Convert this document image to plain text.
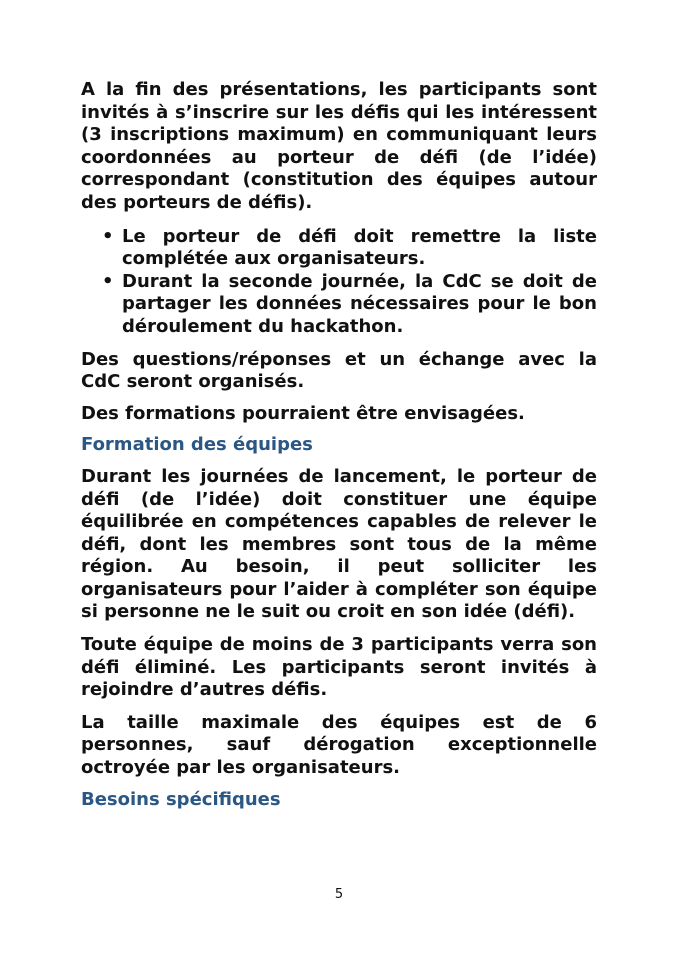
A la fin des présentations, les participants sont invités à s’inscrire sur les défis qui les intéressent (3 inscriptions maximum) en communiquant leurs coordonnées au porteur de défi (de l’idée) correspondant (constitution des équipes autour des porteurs de défis).

• Le porteur de défi doit remettre la liste complétée aux organisateurs.
• Durant la seconde journée, la CdC se doit de partager les données nécessaires pour le bon déroulement du hackathon.

Des questions/réponses et un échange avec la CdC seront organisés.

Des formations pourraient être envisagées.

Formation des équipes

Durant les journées de lancement, le porteur de défi (de l’idée) doit constituer une équipe équilibrée en compétences capables de relever le défi, dont les membres sont tous de la même région. Au besoin, il peut solliciter les organisateurs pour l’aider à compléter son équipe si personne ne le suit ou croit en son idée (défi).

Toute équipe de moins de 3 participants verra son défi éliminé. Les participants seront invités à rejoindre d’autres défis.

La taille maximale des équipes est de 6 personnes, sauf dérogation exceptionnelle octroyée par les organisateurs.

Besoins spécifiques
5
